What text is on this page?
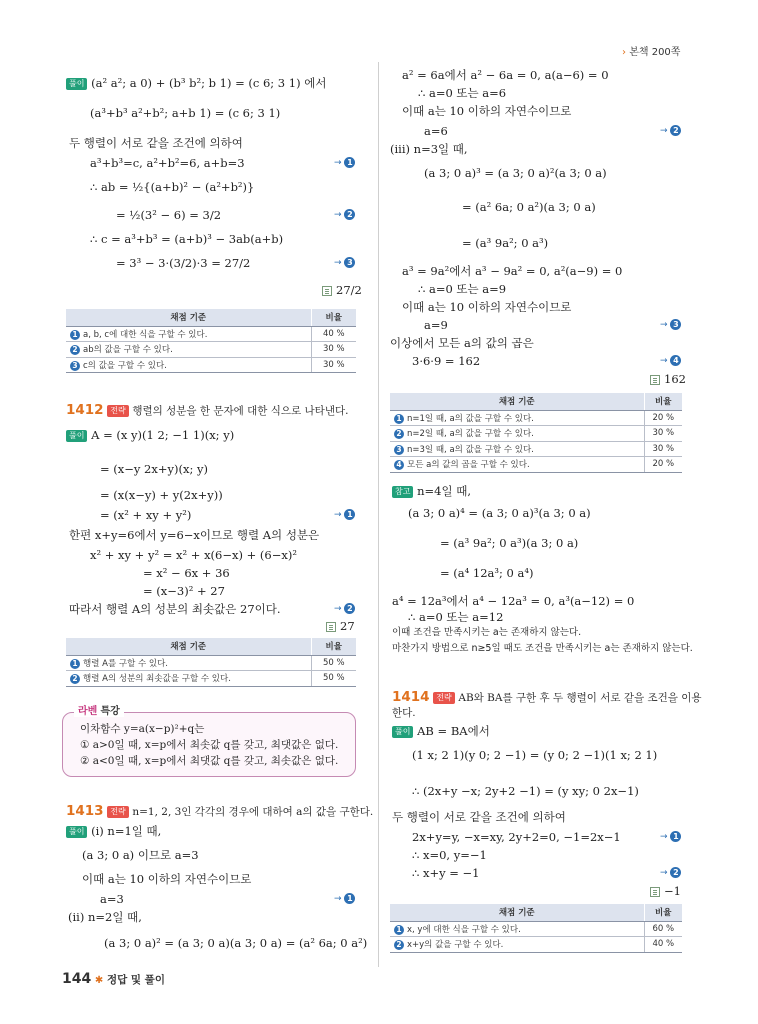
› 본책 200쪽
풀이 (a² a²; a 0) + (b³ b²; b 1) = (c 6; 3 1) 에서
(a³+b³ a²+b²; a+b 1) = (c 6; 3 1)
두 행렬이 서로 같을 조건에 의하여
a³+b³=c, a²+b²=6, a+b=3	→ 1
∴ ab = ½{(a+b)² − (a²+b²)}
= ½(3² − 6) = 3/2	→ 2
∴ c = a³+b³ = (a+b)³ − 3ab(a+b)
= 3³ − 3·(3/2)·3 = 27/2	→ 3
27/2
채점 기준	비율
1 a, b, c에 대한 식을 구할 수 있다.	40 %
2 ab의 값을 구할 수 있다.	30 %
3 c의 값을 구할 수 있다.	30 %
1412 전략 행렬의 성분을 한 문자에 대한 식으로 나타낸다.
풀이 A = (x y)(1 2; −1 1)(x; y)
= (x−y 2x+y)(x; y)
= (x(x−y) + y(2x+y))
= (x² + xy + y²)	→ 1
한편 x+y=6에서 y=6−x이므로 행렬 A의 성분은
x² + xy + y² = x² + x(6−x) + (6−x)²
= x² − 6x + 36
= (x−3)² + 27
따라서 행렬 A의 성분의 최솟값은 27이다.	→ 2
27
채점 기준	비율
1 행렬 A를 구할 수 있다.	50 %
2 행렬 A의 성분의 최솟값을 구할 수 있다.	50 %
라벤 특강
이차함수 y=a(x−p)²+q는
① a>0일 때, x=p에서 최솟값 q를 갖고, 최댓값은 없다.
② a<0일 때, x=p에서 최댓값 q를 갖고, 최솟값은 없다.
1413 전략 n=1, 2, 3인 각각의 경우에 대하여 a의 값을 구한다.
풀이 (i) n=1일 때,
(a 3; 0 a) 이므로 a=3
이때 a는 10 이하의 자연수이므로
a=3	→ 1
(ii) n=2일 때,
(a 3; 0 a)² = (a 3; 0 a)(a 3; 0 a) = (a² 6a; 0 a²)
144 ✱ 정답 및 풀이
a² = 6a에서 a² − 6a = 0, a(a−6) = 0
∴ a=0 또는 a=6
이때 a는 10 이하의 자연수이므로
a=6	→ 2
(iii) n=3일 때,
(a 3; 0 a)³ = (a 3; 0 a)²(a 3; 0 a)
= (a² 6a; 0 a²)(a 3; 0 a)
= (a³ 9a²; 0 a³)
a³ = 9a²에서 a³ − 9a² = 0, a²(a−9) = 0
∴ a=0 또는 a=9
이때 a는 10 이하의 자연수이므로
a=9	→ 3
이상에서 모든 a의 값의 곱은
3·6·9 = 162	→ 4
162
채점 기준	비율
1 n=1일 때, a의 값을 구할 수 있다.	20 %
2 n=2일 때, a의 값을 구할 수 있다.	30 %
3 n=3일 때, a의 값을 구할 수 있다.	30 %
4 모든 a의 값의 곱을 구할 수 있다.	20 %
참고 n=4일 때,
(a 3; 0 a)⁴ = (a 3; 0 a)³(a 3; 0 a)
= (a³ 9a²; 0 a³)(a 3; 0 a)
= (a⁴ 12a³; 0 a⁴)
a⁴ = 12a³에서 a⁴ − 12a³ = 0, a³(a−12) = 0
∴ a=0 또는 a=12
이때 조건을 만족시키는 a는 존재하지 않는다.
마찬가지 방법으로 n≥5일 때도 조건을 만족시키는 a는 존재하지 않는다.
1414 전략 AB와 BA를 구한 후 두 행렬이 서로 같을 조건을 이용
한다.
풀이 AB = BA에서
(1 x; 2 1)(y 0; 2 −1) = (y 0; 2 −1)(1 x; 2 1)
∴ (2x+y −x; 2y+2 −1) = (y xy; 0 2x−1)
두 행렬이 서로 같을 조건에 의하여
2x+y=y, −x=xy, 2y+2=0, −1=2x−1	→ 1
∴ x=0, y=−1
∴ x+y = −1	→ 2
−1
채점 기준	비율
1 x, y에 대한 식을 구할 수 있다.	60 %
2 x+y의 값을 구할 수 있다.	40 %
